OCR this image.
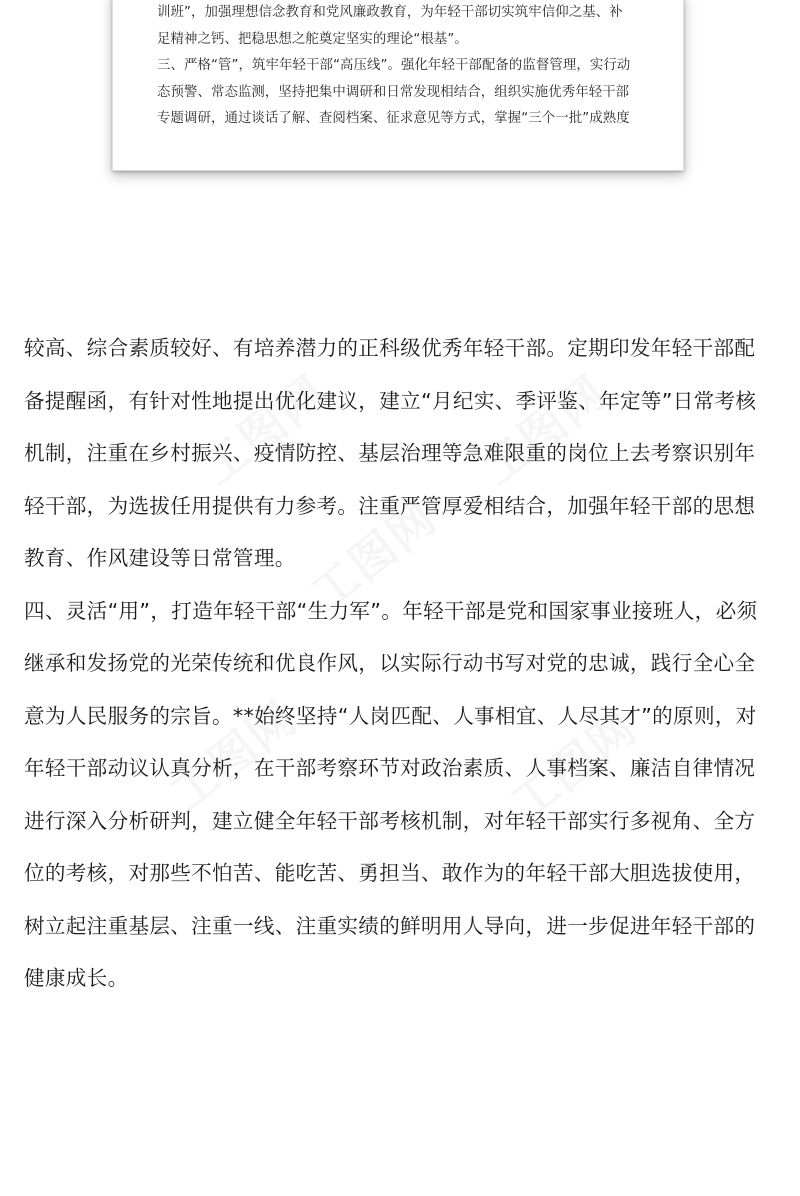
工图网	工图网
工图网
工图网	工图网
训班”，加强理想信念教育和党风廉政教育，为年轻干部切实筑牢信仰之基、补
足精神之钙、把稳思想之舵奠定坚实的理论“根基”。
三、严格“管”，筑牢年轻干部“高压线”。强化年轻干部配备的监督管理，实行动
态预警、常态监测，坚持把集中调研和日常发现相结合，组织实施优秀年轻干部
专题调研，通过谈话了解、查阅档案、征求意见等方式，掌握“三个一批”成熟度
较高、综合素质较好、有培养潜力的正科级优秀年轻干部。定期印发年轻干部配
备提醒函，有针对性地提出优化建议，建立“月纪实、季评鉴、年定等”日常考核
机制，注重在乡村振兴、疫情防控、基层治理等急难限重的岗位上去考察识别年
轻干部，为选拔任用提供有力参考。注重严管厚爱相结合，加强年轻干部的思想
教育、作风建设等日常管理。
四、灵活“用”，打造年轻干部“生力军”。年轻干部是党和国家事业接班人，必须
继承和发扬党的光荣传统和优良作风，以实际行动书写对党的忠诚，践行全心全
意为人民服务的宗旨。**始终坚持“人岗匹配、人事相宜、人尽其才”的原则，对
年轻干部动议认真分析，在干部考察环节对政治素质、人事档案、廉洁自律情况
进行深入分析研判，建立健全年轻干部考核机制，对年轻干部实行多视角、全方
位的考核，对那些不怕苦、能吃苦、勇担当、敢作为的年轻干部大胆选拔使用，
树立起注重基层、注重一线、注重实绩的鲜明用人导向，进一步促进年轻干部的
健康成长。
